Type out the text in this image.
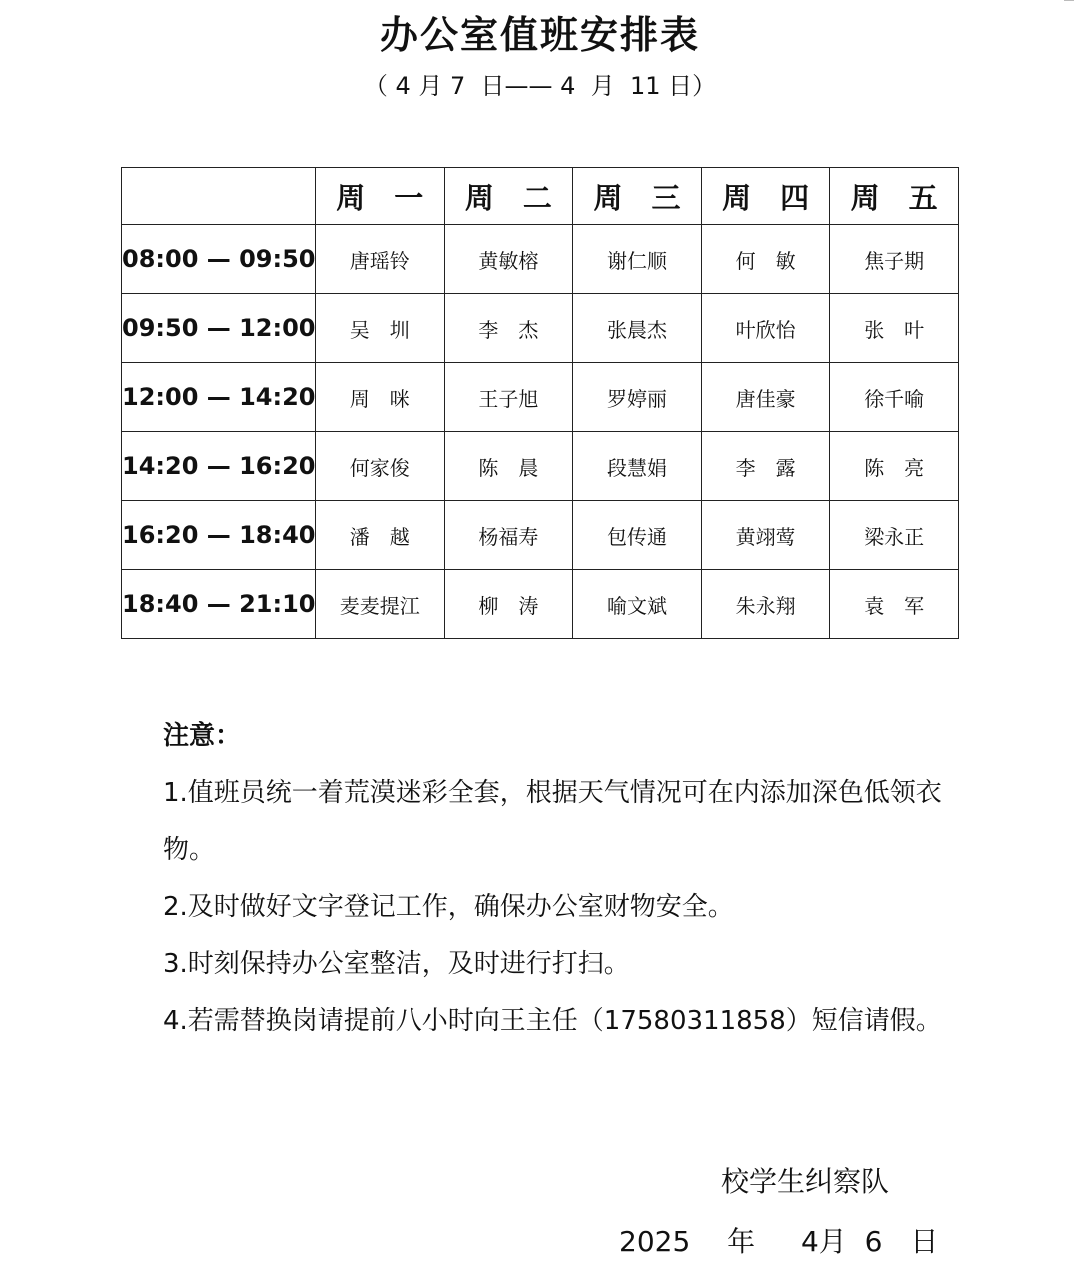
办公室值班安排表
（ 4 月 7  日—— 4  月  11 日）
	周　一	周　二	周　三	周　四	周　五
08:00 — 09:50	唐瑶铃	黄敏榕	谢仁顺	何　敏	焦子期
09:50 — 12:00	吴　圳	李　杰	张晨杰	叶欣怡	张　叶
12:00 — 14:20	周　咪	王子旭	罗婷丽	唐佳豪	徐千喻
14:20 — 16:20	何家俊	陈　晨	段慧娟	李　露	陈　亮
16:20 — 18:40	潘　越	杨福寿	包传通	黄翊莺	梁永正
18:40 — 21:10	麦麦提江	柳　涛	喻文斌	朱永翔	袁　军
注意：
1.值班员统一着荒漠迷彩全套，根据天气情况可在内添加深色低领衣物。
2.及时做好文字登记工作，确保办公室财物安全。
3.时刻保持办公室整洁，及时进行打扫。
4.若需替换岗请提前八小时向王主任（17580311858）短信请假。
校学生纠察队
2025　 年　  4月  6　日
